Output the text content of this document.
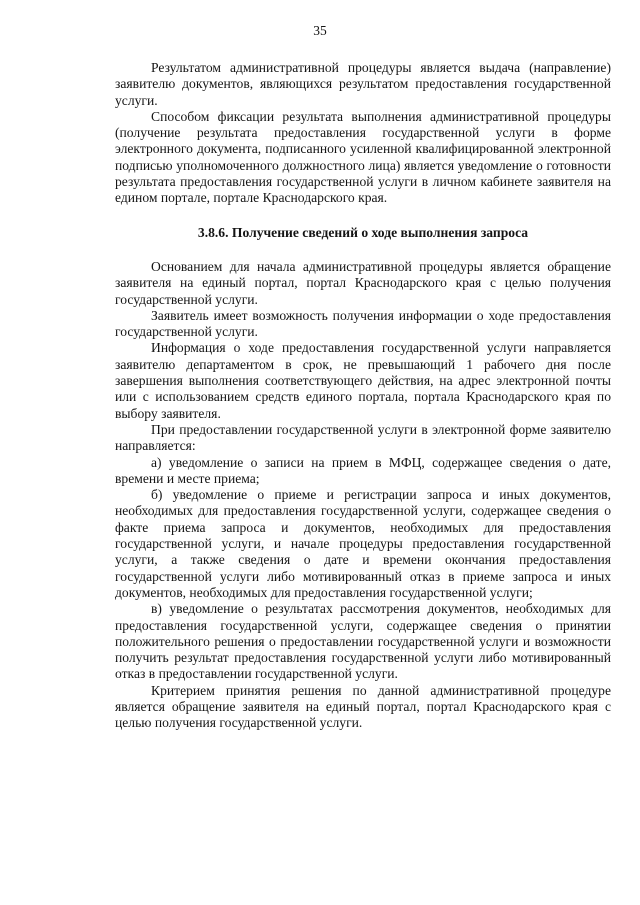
35

Результатом административной процедуры является выдача (направление) заявителю документов, являющихся результатом предоставления государственной услуги.

Способом фиксации результата выполнения административной процедуры (получение результата предоставления государственной услуги в форме электронного документа, подписанного усиленной квалифицированной электронной подписью уполномоченного должностного лица) является уведомление о готовности результата предоставления государственной услуги в личном кабинете заявителя на едином портале, портале Краснодарского края.

3.8.6. Получение сведений о ходе выполнения запроса

Основанием для начала административной процедуры является обращение заявителя на единый портал, портал Краснодарского края с целью получения государственной услуги.

Заявитель имеет возможность получения информации о ходе предоставления государственной услуги.

Информация о ходе предоставления государственной услуги направляется заявителю департаментом в срок, не превышающий 1 рабочего дня после завершения выполнения соответствующего действия, на адрес электронной почты или с использованием средств единого портала, портала Краснодарского края по выбору заявителя.

При предоставлении государственной услуги в электронной форме заявителю направляется:

а) уведомление о записи на прием в МФЦ, содержащее сведения о дате, времени и месте приема;

б) уведомление о приеме и регистрации запроса и иных документов, необходимых для предоставления государственной услуги, содержащее сведения о факте приема запроса и документов, необходимых для предоставления государственной услуги, и начале процедуры предоставления государственной услуги, а также сведения о дате и времени окончания предоставления государственной услуги либо мотивированный отказ в приеме запроса и иных документов, необходимых для предоставления государственной услуги;

в) уведомление о результатах рассмотрения документов, необходимых для предоставления государственной услуги, содержащее сведения о принятии положительного решения о предоставлении государственной услуги и возможности получить результат предоставления государственной услуги либо мотивированный отказ в предоставлении государственной услуги.

Критерием принятия решения по данной административной процедуре является обращение заявителя на единый портал, портал Краснодарского края с целью получения государственной услуги.
